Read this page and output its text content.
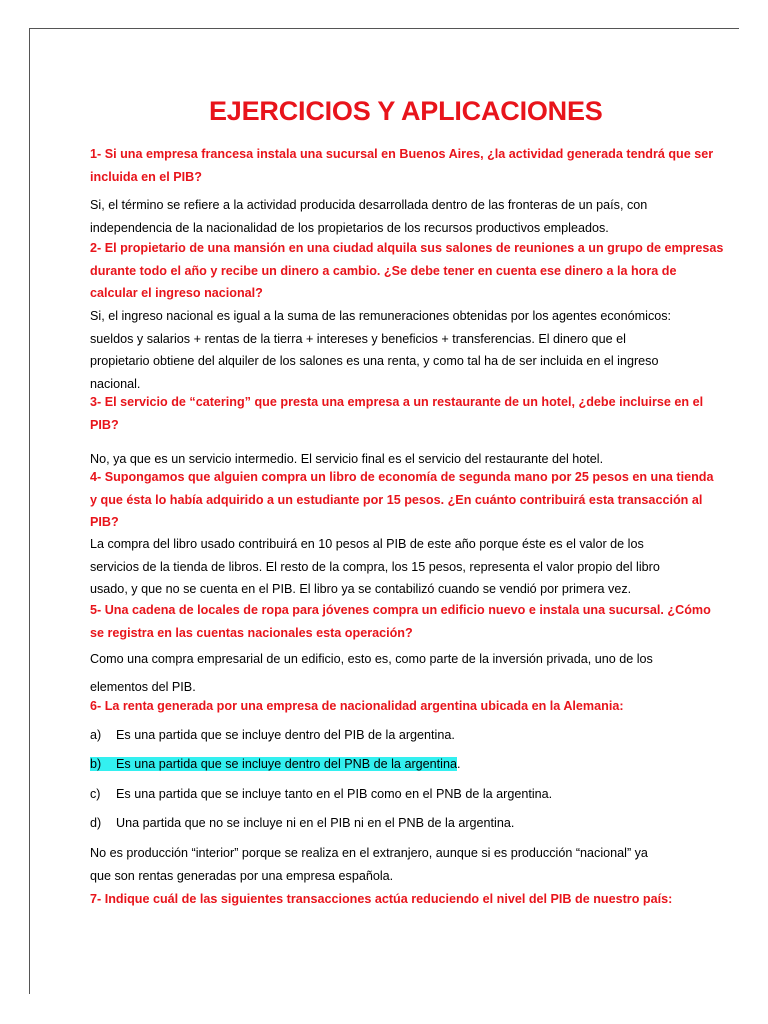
EJERCICIOS Y APLICACIONES
1- Si una empresa francesa instala una sucursal en Buenos Aires, ¿la actividad generada tendrá que ser
incluida en el PIB?
Si, el término se refiere a la actividad producida desarrollada dentro de las fronteras de un país, con
independencia de la nacionalidad de los propietarios de los recursos productivos empleados.
2- El propietario de una mansión en una ciudad alquila sus salones de reuniones a un grupo de empresas
durante todo el año y recibe un dinero a cambio. ¿Se debe tener en cuenta ese dinero a la hora de
calcular el ingreso nacional?
Si, el ingreso nacional es igual a la suma de las remuneraciones obtenidas por los agentes económicos:
sueldos y salarios + rentas de la tierra + intereses y beneficios + transferencias. El dinero que el
propietario obtiene del alquiler de los salones es una renta, y como tal ha de ser incluida en el ingreso
nacional.
3- El servicio de “catering” que presta una empresa a un restaurante de un hotel, ¿debe incluirse en el
PIB?
No, ya que es un servicio intermedio. El servicio final es el servicio del restaurante del hotel.
4- Supongamos que alguien compra un libro de economía de segunda mano por 25 pesos en una tienda
y que ésta lo había adquirido a un estudiante por 15 pesos. ¿En cuánto contribuirá esta transacción al
PIB?
La compra del libro usado contribuirá en 10 pesos al PIB de este año porque éste es el valor de los
servicios de la tienda de libros. El resto de la compra, los 15 pesos, representa el valor propio del libro
usado, y que no se cuenta en el PIB. El libro ya se contabilizó cuando se vendió por primera vez.
5- Una cadena de locales de ropa para jóvenes compra un edificio nuevo e instala una sucursal. ¿Cómo
se registra en las cuentas nacionales esta operación?
Como una compra empresarial de un edificio, esto es, como parte de la inversión privada, uno de los
elementos del PIB.
6- La renta generada por una empresa de nacionalidad argentina ubicada en la Alemania:
a) Es una partida que se incluye dentro del PIB de la argentina.
b) Es una partida que se incluye dentro del PNB de la argentina.
c) Es una partida que se incluye tanto en el PIB como en el PNB de la argentina.
d) Una partida que no se incluye ni en el PIB ni en el PNB de la argentina.
No es producción “interior” porque se realiza en el extranjero, aunque si es producción “nacional” ya
que son rentas generadas por una empresa española.
7- Indique cuál de las siguientes transacciones actúa reduciendo el nivel del PIB de nuestro país:
